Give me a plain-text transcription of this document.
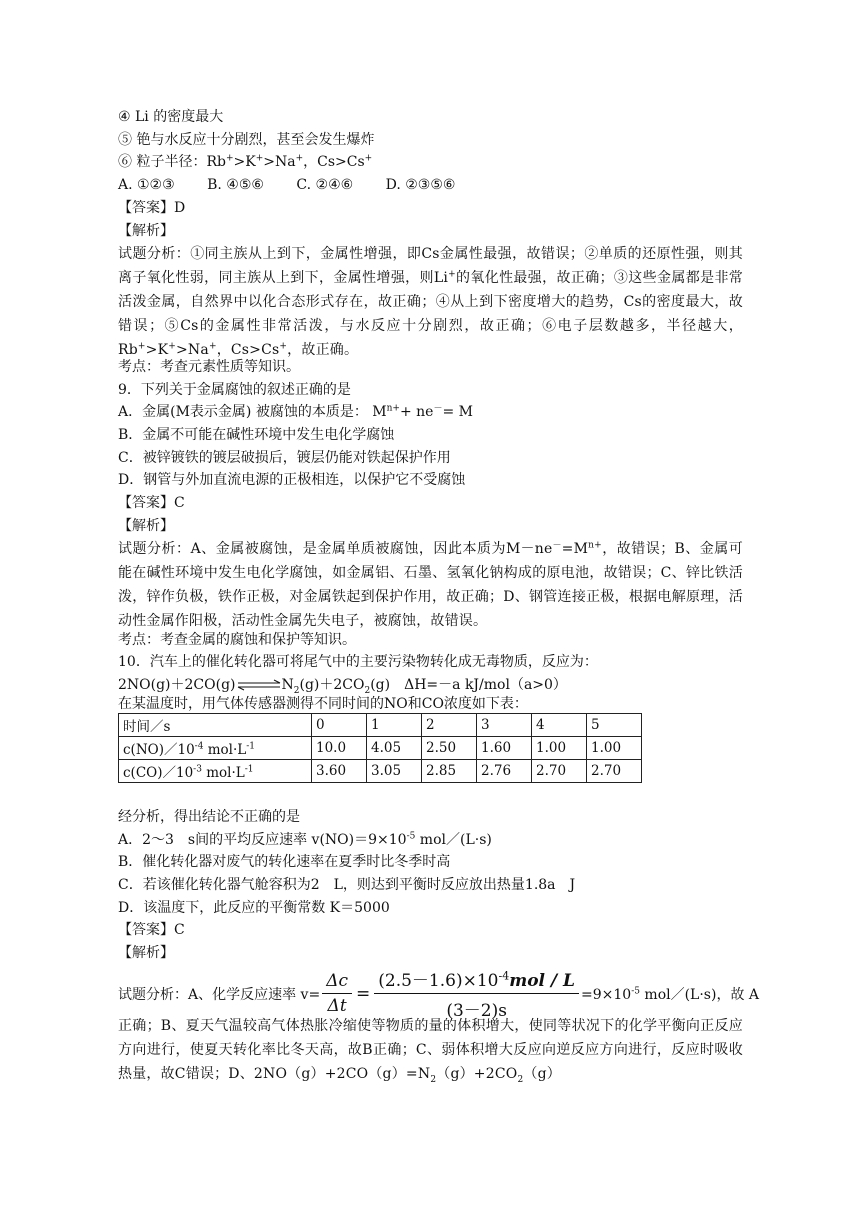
④ Li 的密度最大
⑤ 铯与水反应十分剧烈，甚至会发生爆炸
⑥ 粒子半径：Rb+>K+>Na+，Cs>Cs+
A. ①②③　　 B. ④⑤⑥　　 C. ②④⑥　　 D. ②③⑤⑥
【答案】D
【解析】
试题分析：①同主族从上到下，金属性增强，即Cs金属性最强，故错误；②单质的还原性强，则其离子氧化性弱，同主族从上到下，金属性增强，则Li+的氧化性最强，故正确；③这些金属都是非常活泼金属，自然界中以化合态形式存在，故正确；④从上到下密度增大的趋势，Cs的密度最大，故错误；⑤Cs的金属性非常活泼，与水反应十分剧烈，故正确；⑥电子层数越多，半径越大，Rb+>K+>Na+，Cs>Cs+，故正确。
考点：考查元素性质等知识。
9．下列关于金属腐蚀的叙述正确的是
A．金属(M表示金属) 被腐蚀的本质是： $M^{n+}+ ne^-= M$
B．金属不可能在碱性环境中发生电化学腐蚀
C．被锌镀铁的镀层破损后，镀层仍能对铁起保护作用
D．钢管与外加直流电源的正极相连，以保护它不受腐蚀
【答案】C
【解析】
试题分析：A、金属被腐蚀，是金属单质被腐蚀，因此本质为$M-ne^-=M^{n+}$，故错误；B、金属可能在碱性环境中发生电化学腐蚀，如金属铝、石墨、氢氧化钠构成的原电池，故错误；C、锌比铁活泼，锌作负极，铁作正极，对金属铁起到保护作用，故正确；D、钢管连接正极，根据电解原理，活动性金属作阳极，活动性金属先失电子，被腐蚀，故错误。
考点：考查金属的腐蚀和保护等知识。
10．汽车上的催化转化器可将尾气中的主要污染物转化成无毒物质，反应为：
$2NO(g)+2CO(g)\rightleftharpoons N_2(g)+2CO_2(g)$　ΔH=－a kJ/mol（a>0）
在某温度时，用气体传感器测得不同时间的NO和CO浓度如下表：
时间／s	0	1	2	3	4	5
$c(NO)/10^{-4}$ $mol\cdot L^{-1}$	10.0	4.05	2.50	1.60	1.00	1.00
$c(CO)/10^{-3}$ $mol\cdot L^{-1}$	3.60	3.05	2.85	2.76	2.70	2.70
经分析，得出结论不正确的是
A．2～3　s间的平均反应速率 $v(NO)=9\times 10^{-5}$ mol／(L·s)
B．催化转化器对废气的转化速率在夏季时比冬季时高
C．若该催化转化器气舱容积为2　L，则达到平衡时反应放出热量1.8a　J
D．该温度下，此反应的平衡常数 K＝5000
【答案】C
【解析】
试题分析：A、化学反应速率 $v= \frac{\Delta c}{\Delta t} = \frac{(2.5-1.6)\times 10^{-4}mol / L}{(3-2)s} =9\times 10^{-5}$ mol／(L·s)，故 A
正确；B、夏天气温较高气体热胀冷缩使等物质的量的体积增大，使同等状况下的化学平衡向正反应方向进行，使夏天转化率比冬天高，故B正确；C、弱体积增大反应向逆反应方向进行，反应时吸收热量，故C错误；D、$2NO(g)+2CO(g)=N_2(g)+2CO_2(g)$
